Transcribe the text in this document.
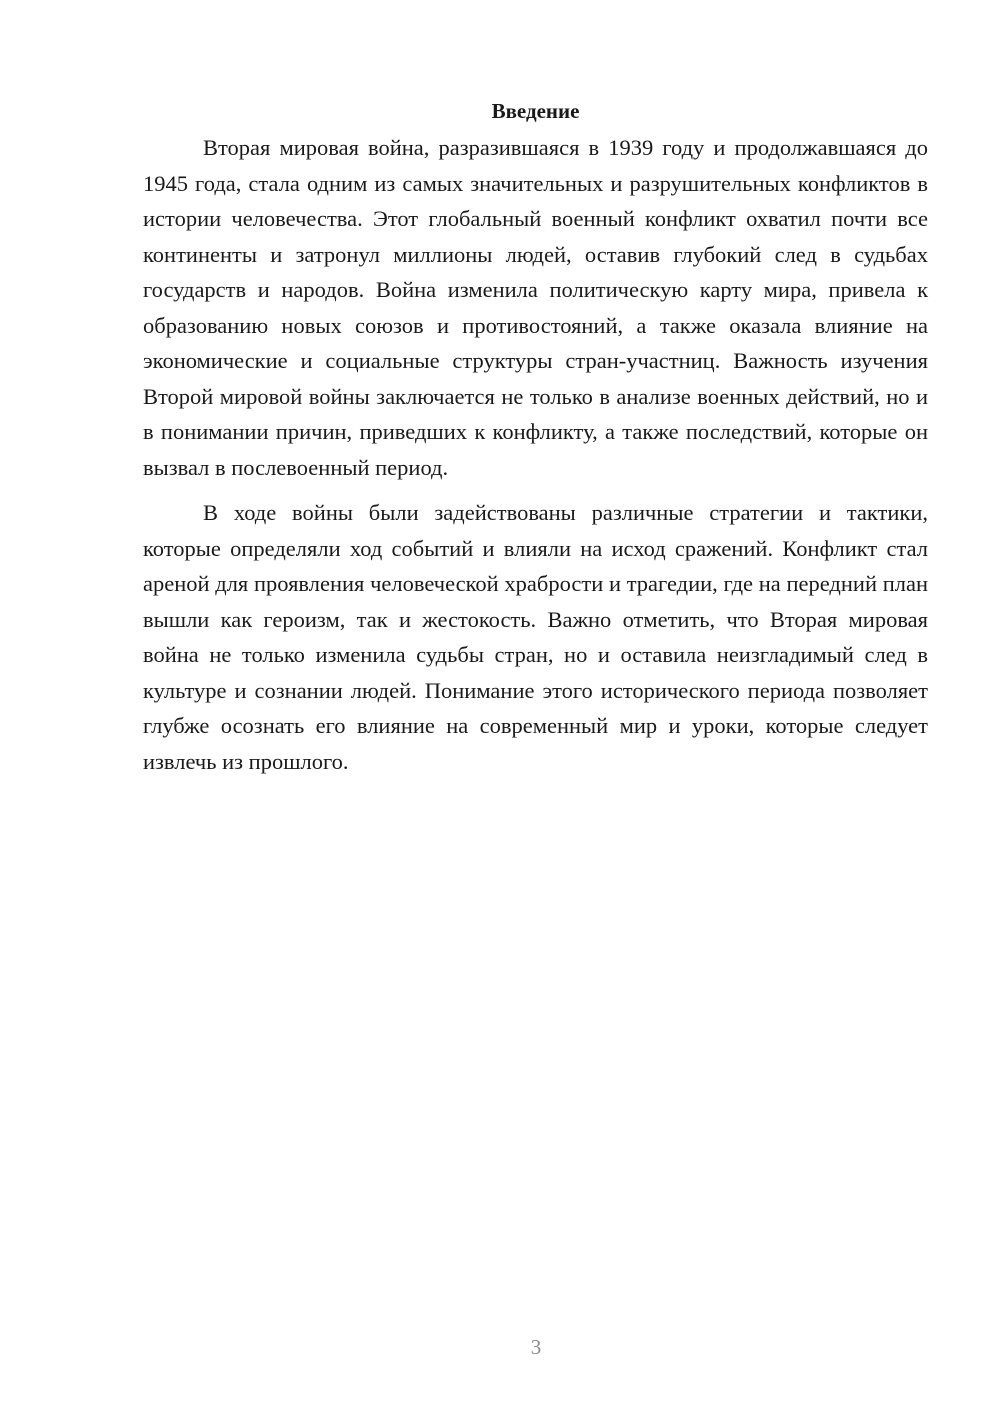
Введение

Вторая мировая война, разразившаяся в 1939 году и продолжавшаяся до 1945 года, стала одним из самых значительных и разрушительных конфликтов в истории человечества. Этот глобальный военный конфликт охватил почти все континенты и затронул миллионы людей, оставив глубокий след в судьбах государств и народов. Война изменила политическую карту мира, привела к образованию новых союзов и противостояний, а также оказала влияние на экономические и социальные структуры стран-участниц. Важность изучения Второй мировой войны заключается не только в анализе военных действий, но и в понимании причин, приведших к конфликту, а также последствий, которые он вызвал в послевоенный период.

В ходе войны были задействованы различные стратегии и тактики, которые определяли ход событий и влияли на исход сражений. Конфликт стал ареной для проявления человеческой храбрости и трагедии, где на передний план вышли как героизм, так и жестокость. Важно отметить, что Вторая мировая война не только изменила судьбы стран, но и оставила неизгладимый след в культуре и сознании людей. Понимание этого исторического периода позволяет глубже осознать его влияние на современный мир и уроки, которые следует извлечь из прошлого.

3
